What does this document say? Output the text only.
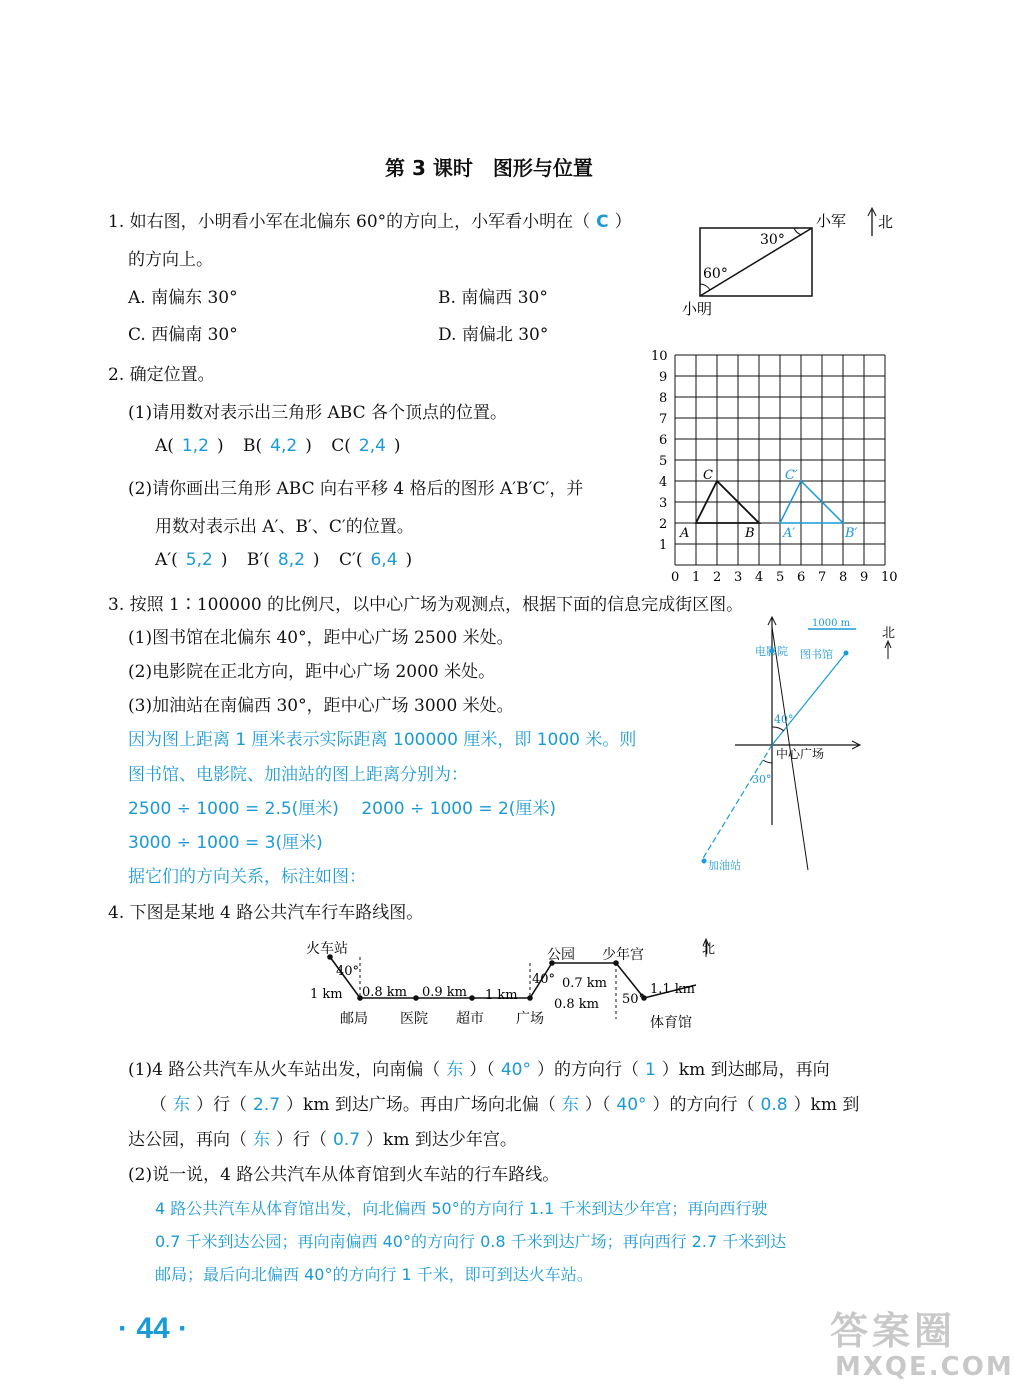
第 3 课时　图形与位置
1. 如右图，小明看小军在北偏东 60°的方向上，小军看小明在（ C ）
的方向上。
A. 南偏东 30°	B. 南偏西 30°
C. 西偏南 30°	D. 南偏北 30°
30°
60°
小军
小明
北
2. 确定位置。
(1)请用数对表示出三角形 ABC 各个顶点的位置。
A( 1,2 ) B( 4,2 ) C( 2,4 )
(2)请你画出三角形 ABC 向右平移 4 格后的图形 A′B′C′，并
用数对表示出 A′、B′、C′的位置。
A′( 5,2 ) B′( 8,2 ) C′( 6,4 )
0 1 2 3 4 5 6 7 8 9 10
1
2
3
4
5
6
7
8
9
10
A	B
C
A′	B′
C′
3. 按照 1∶100000 的比例尺，以中心广场为观测点，根据下面的信息完成街区图。
(1)图书馆在北偏东 40°，距中心广场 2500 米处。
(2)电影院在正北方向，距中心广场 2000 米处。
(3)加油站在南偏西 30°，距中心广场 3000 米处。
因为图上距离 1 厘米表示实际距离 100000 厘米，即 1000 米。则
图书馆、电影院、加油站的图上距离分别为：
2500 ÷ 1000 = 2.5(厘米)　 2000 ÷ 1000 = 2(厘米)
3000 ÷ 1000 = 3(厘米)
据它们的方向关系，标注如图：
1000 m
北
电影院 图书馆
40°
中心广场
30°
加油站
4. 下图是某地 4 路公共汽车行车路线图。
火车站
40°
1 km 0.8 km 0.9 km 1 km
40°
0.8 km
0.7 km
50°
1.1 km
公园 少年宫
邮局 医院 超市 广场	体育馆
北
(1)4 路公共汽车从火车站出发，向南偏（ 东 ）（ 40° ）的方向行（ 1 ）km 到达邮局，再向
（ 东 ）行（ 2.7 ）km 到达广场。再由广场向北偏（ 东 ）（ 40° ）的方向行（ 0.8 ）km 到
达公园，再向（ 东 ）行（ 0.7 ）km 到达少年宫。
(2)说一说，4 路公共汽车从体育馆到火车站的行车路线。
4 路公共汽车从体育馆出发，向北偏西 50°的方向行 1.1 千米到达少年宫；再向西行驶
0.7 千米到达公园；再向南偏西 40°的方向行 0.8 千米到达广场；再向西行 2.7 千米到达
邮局；最后向北偏西 40°的方向行 1 千米，即可到达火车站。
· 44 ·	答案圈
MXQE.COM
